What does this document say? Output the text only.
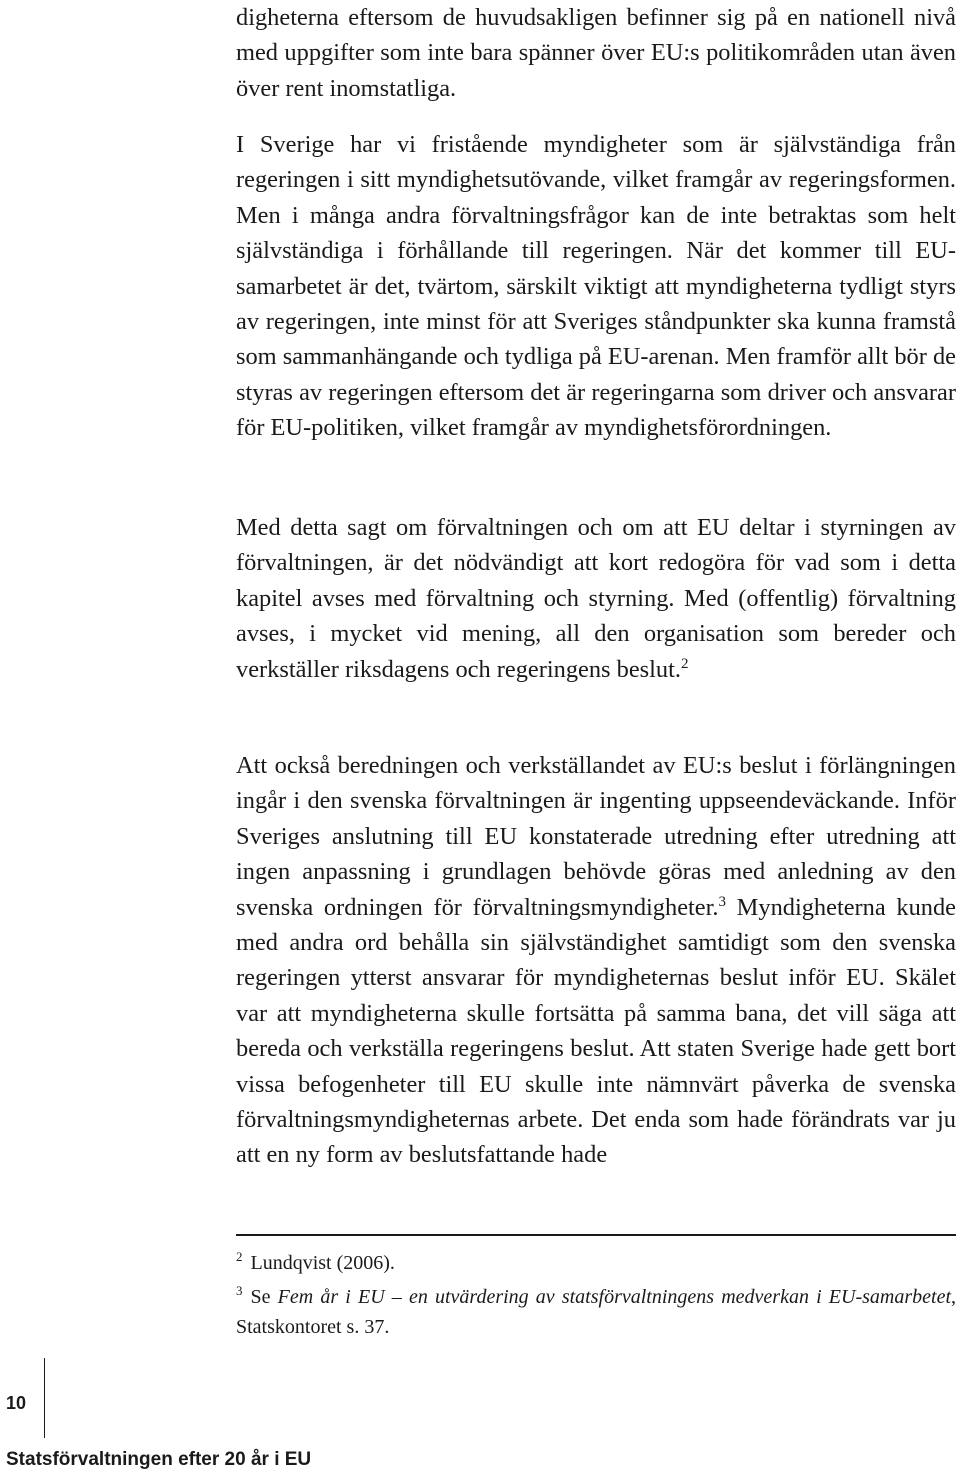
digheterna eftersom de huvudsakligen befinner sig på en nationell nivå med uppgifter som inte bara spänner över EU:s politikområden utan även över rent inomstatliga.

I Sverige har vi fristående myndigheter som är självständiga från regeringen i sitt myndighetsutövande, vilket framgår av regeringsformen. Men i många andra förvaltningsfrågor kan de inte betraktas som helt självständiga i förhållande till regeringen. När det kommer till EU-samarbetet är det, tvärtom, särskilt viktigt att myndigheterna tydligt styrs av regeringen, inte minst för att Sveriges ståndpunkter ska kunna framstå som sammanhängande och tydliga på EU-arenan. Men framför allt bör de styras av regeringen eftersom det är regeringarna som driver och ansvarar för EU-politiken, vilket framgår av myndighetsförordningen.

Med detta sagt om förvaltningen och om att EU deltar i styrningen av förvaltningen, är det nödvändigt att kort redogöra för vad som i detta kapitel avses med förvaltning och styrning. Med (offentlig) förvaltning avses, i mycket vid mening, all den organisation som bereder och verkställer riksdagens och regeringens beslut.$^2$

Att också beredningen och verkställandet av EU:s beslut i förlängningen ingår i den svenska förvaltningen är ingenting uppseendeväckande. Inför Sveriges anslutning till EU konstaterade utredning efter utredning att ingen anpassning i grundlagen behövde göras med anledning av den svenska ordningen för förvaltningsmyndigheter.$^3$ Myndigheterna kunde med andra ord behålla sin självständighet samtidigt som den svenska regeringen ytterst ansvarar för myndigheternas beslut inför EU. Skälet var att myndigheterna skulle fortsätta på samma bana, det vill säga att bereda och verkställa regeringens beslut. Att staten Sverige hade gett bort vissa befogenheter till EU skulle inte nämnvärt påverka de svenska förvaltningsmyndigheternas arbete. Det enda som hade förändrats var ju att en ny form av beslutsfattande hade

$^2$ Lundqvist (2006).

$^3$ Se Fem år i EU – en utvärdering av statsförvaltningens medverkan i EU-samarbetet, Statskontoret s. 37.

10
Statsförvaltningen efter 20 år i EU
